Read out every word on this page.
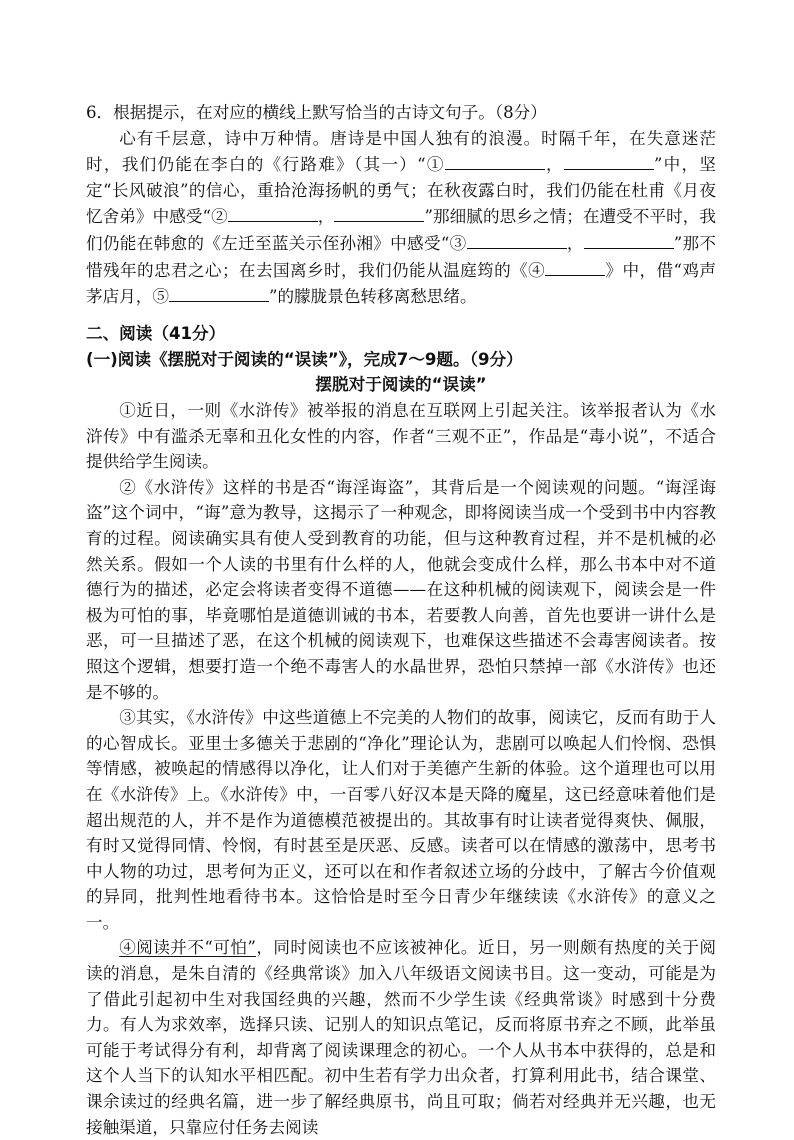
6．根据提示，在对应的横线上默写恰当的古诗文句子。（8分）

心有千层意，诗中万种情。唐诗是中国人独有的浪漫。时隔千年，在失意迷茫时，我们仍能在李白的《行路难》（其一）“①	，	”中，坚定“长风破浪”的信心，重拾沧海扬帆的勇气；在秋夜露白时，我们仍能在杜甫《月夜忆舍弟》中感受“②	，	”那细腻的思乡之情；在遭受不平时，我们仍能在韩愈的《左迁至蓝关示侄孙湘》中感受“③	，	”那不惜残年的忠君之心；在去国离乡时，我们仍能从温庭筠的《④	》中，借“鸡声茅店月，⑤	”的朦胧景色转移离愁思绪。

二、阅读（41分）
(一)阅读《摆脱对于阅读的“误读”》，完成7～9题。（9分）
摆脱对于阅读的“误读”

①近日，一则《水浒传》被举报的消息在互联网上引起关注。该举报者认为《水浒传》中有滥杀无辜和丑化女性的内容，作者“三观不正”，作品是“毒小说”，不适合提供给学生阅读。

②《水浒传》这样的书是否“诲淫诲盗”，其背后是一个阅读观的问题。“诲淫诲盗”这个词中，“诲”意为教导，这揭示了一种观念，即将阅读当成一个受到书中内容教育的过程。阅读确实具有使人受到教育的功能，但与这种教育过程，并不是机械的必然关系。假如一个人读的书里有什么样的人，他就会变成什么样，那么书本中对不道德行为的描述，必定会将读者变得不道德——在这种机械的阅读观下，阅读会是一件极为可怕的事，毕竟哪怕是道德训诫的书本，若要教人向善，首先也要讲一讲什么是恶，可一旦描述了恶，在这个机械的阅读观下，也难保这些描述不会毒害阅读者。按照这个逻辑，想要打造一个绝不毒害人的水晶世界，恐怕只禁掉一部《水浒传》也还是不够的。

③其实，《水浒传》中这些道德上不完美的人物们的故事，阅读它，反而有助于人的心智成长。亚里士多德关于悲剧的“净化”理论认为，悲剧可以唤起人们怜悯、恐惧等情感，被唤起的情感得以净化，让人们对于美德产生新的体验。这个道理也可以用在《水浒传》上。《水浒传》中，一百零八好汉本是天降的魔星，这已经意味着他们是超出规范的人，并不是作为道德模范被提出的。其故事有时让读者觉得爽快、佩服，有时又觉得同情、怜悯，有时甚至是厌恶、反感。读者可以在情感的激荡中，思考书中人物的功过，思考何为正义，还可以在和作者叙述立场的分歧中，了解古今价值观的异同，批判性地看待书本。这恰恰是时至今日青少年继续读《水浒传》的意义之一。

④阅读并不“可怕”，同时阅读也不应该被神化。近日，另一则颇有热度的关于阅读的消息，是朱自清的《经典常谈》加入八年级语文阅读书目。这一变动，可能是为了借此引起初中生对我国经典的兴趣，然而不少学生读《经典常谈》时感到十分费力。有人为求效率，选择只读、记别人的知识点笔记，反而将原书弃之不顾，此举虽可能于考试得分有利，却背离了阅读课理念的初心。一个人从书本中获得的，总是和这个人当下的认知水平相匹配。初中生若有学力出众者，打算利用此书，结合课堂、课余读过的经典名篇，进一步了解经典原书，尚且可取；倘若对经典并无兴趣，也无接触渠道，只靠应付任务去阅读
